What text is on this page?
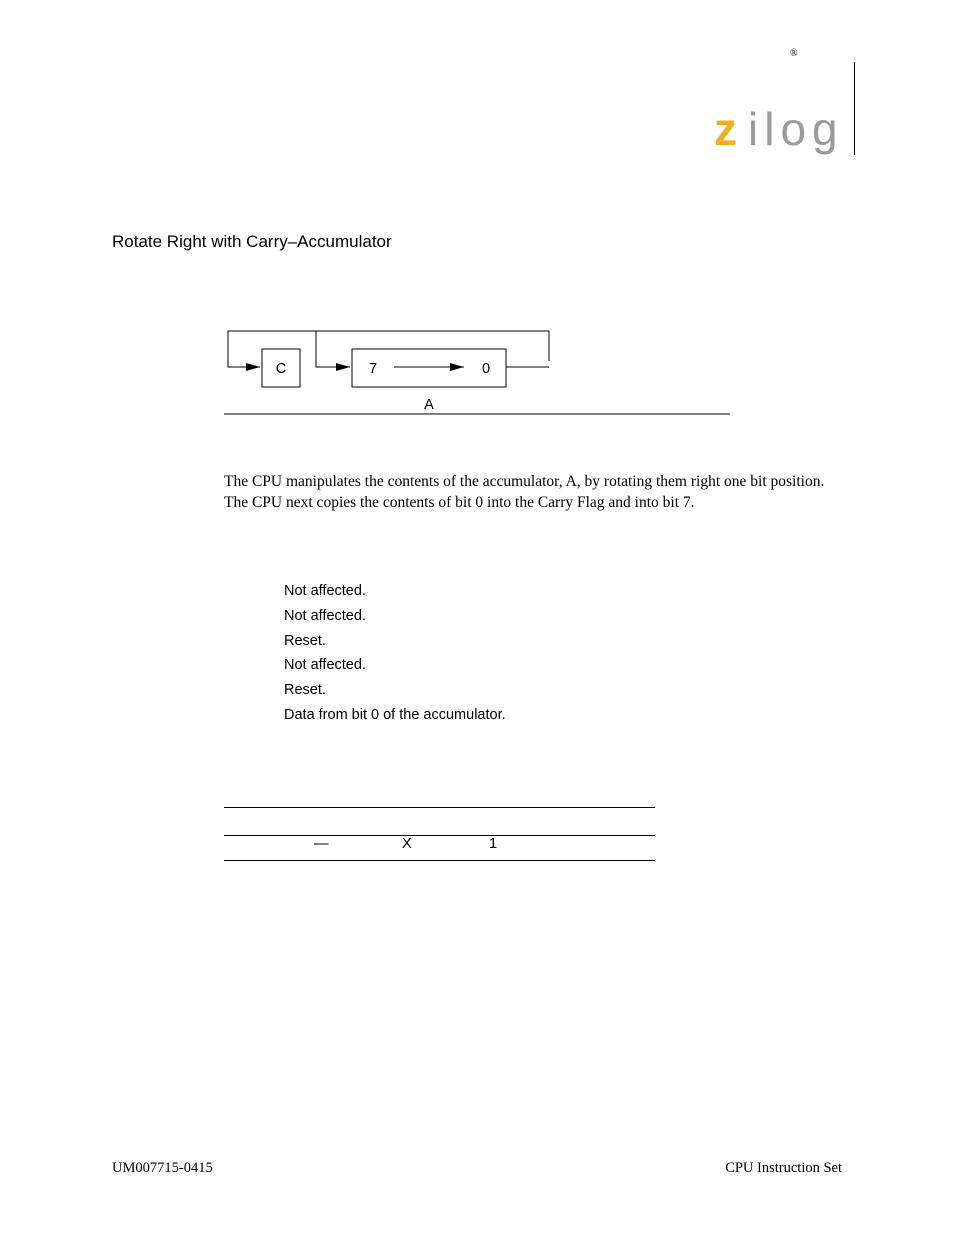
®
z ilog
Rotate Right with Carry–Accumulator
C	7	0
A

The CPU manipulates the contents of the accumulator, A, by rotating them right one bit position. The CPU next copies the contents of bit 0 into the Carry Flag and into bit 7.

Not affected.
Not affected.
Reset.
Not affected.
Reset.
Data from bit 0 of the accumulator.
—	X	1
UM007715-0415	CPU Instruction Set
